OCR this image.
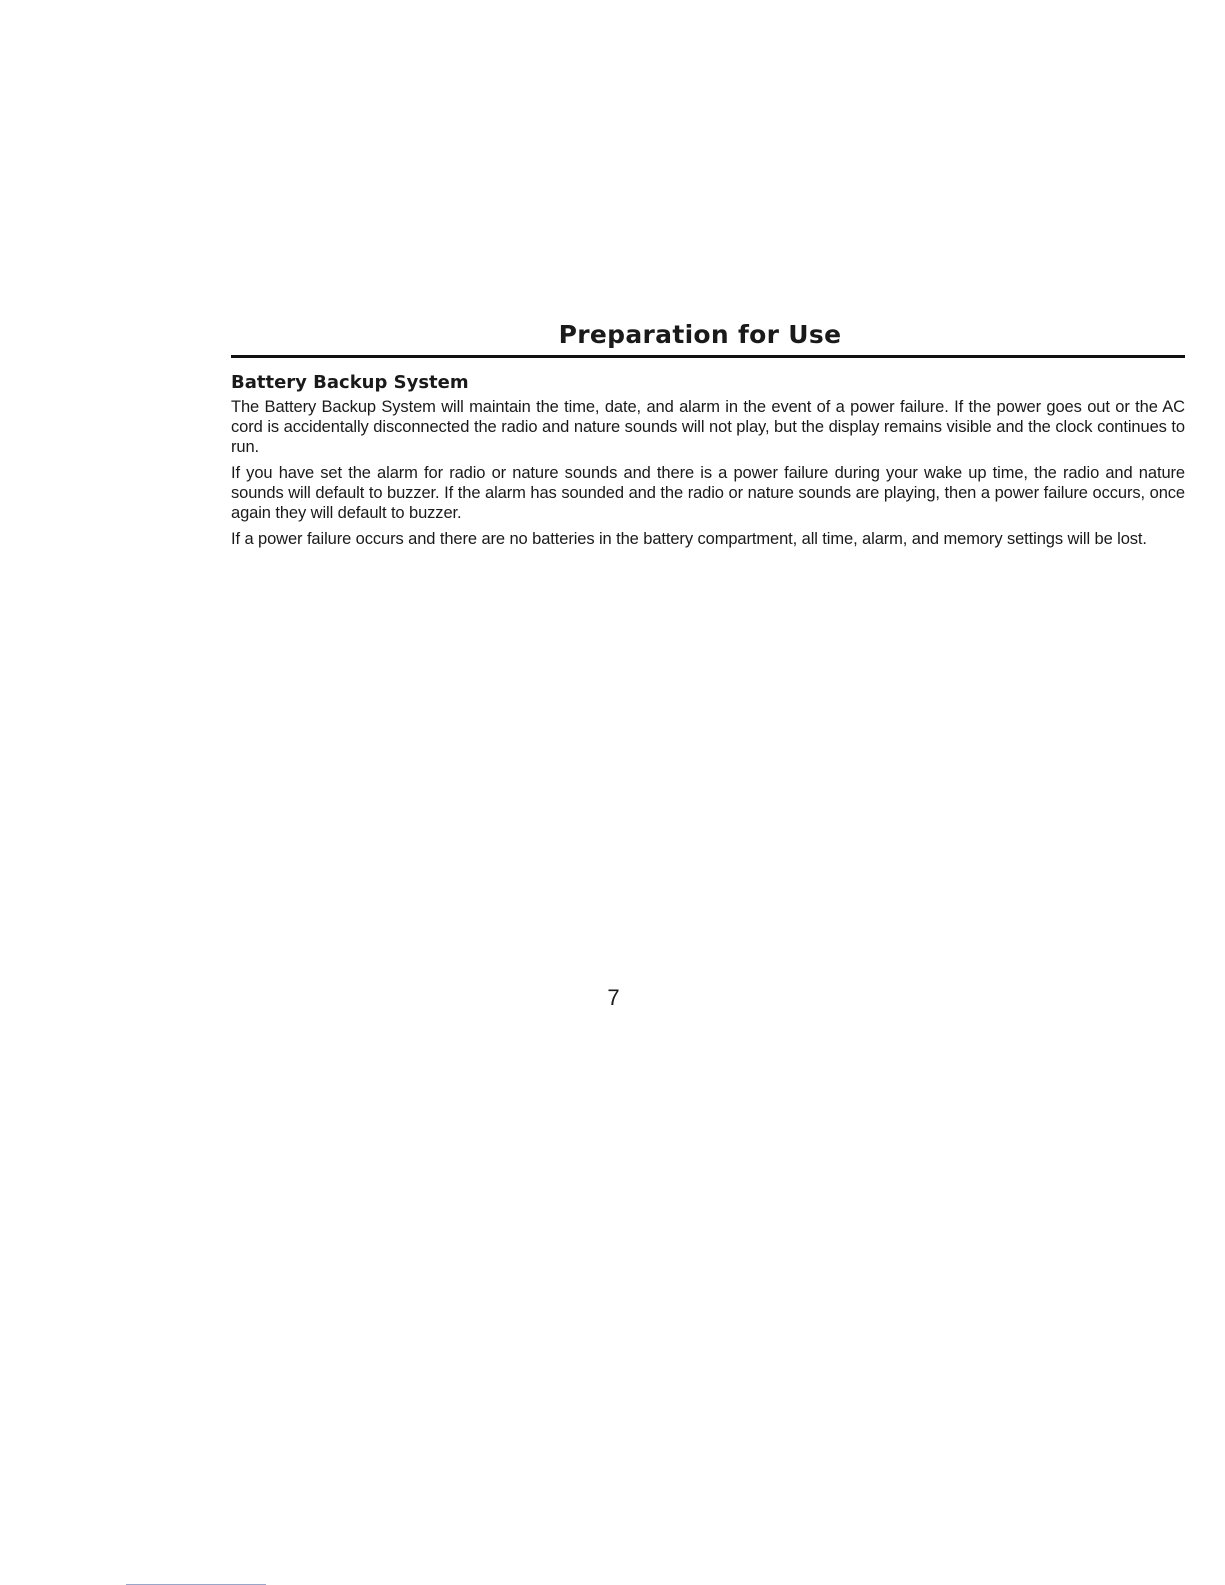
Preparation for Use
Battery Backup System

The Battery Backup System will maintain the time, date, and alarm in the event of a power failure. If the power goes out or the AC cord is accidentally disconnected the radio and nature sounds will not play, but the display remains visible and the clock continues to run.

If you have set the alarm for radio or nature sounds and there is a power failure during your wake up time, the radio and nature sounds will default to buzzer. If the alarm has sounded and the radio or nature sounds are playing, then a power failure occurs, once again they will default to buzzer.

If a power failure occurs and there are no batteries in the battery compartment, all time, alarm, and memory settings will be lost.

7
